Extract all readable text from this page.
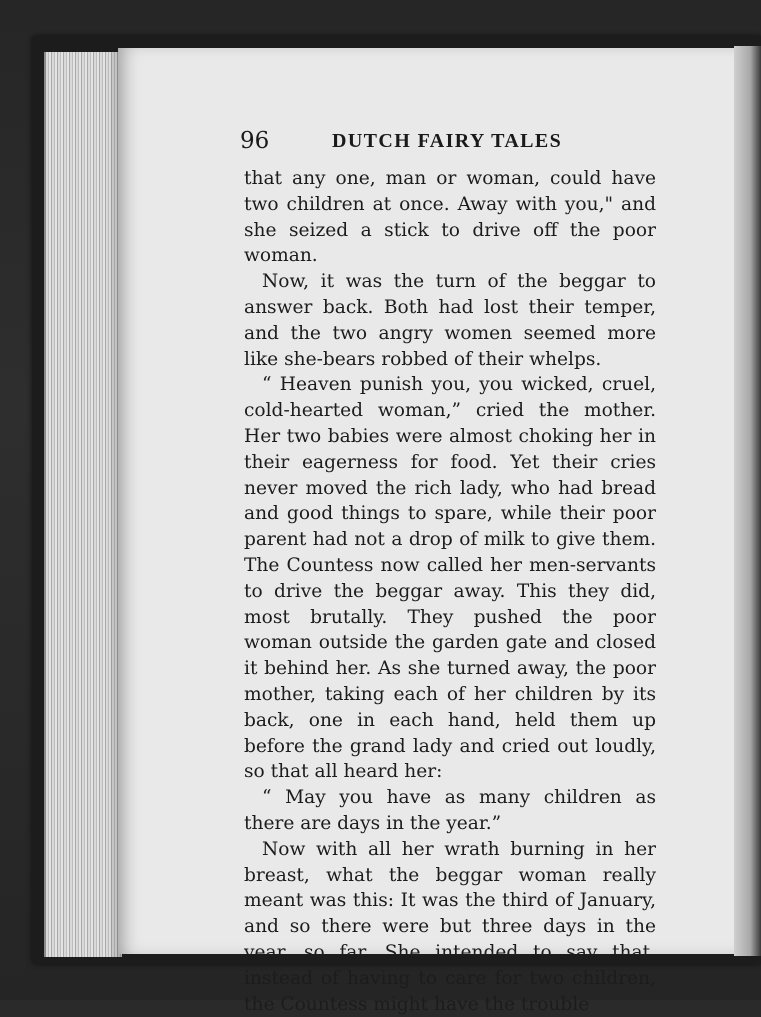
96	DUTCH FAIRY TALES

that any one, man or woman, could have two children at once. Away with you," and she seized a stick to drive off the poor woman.

Now, it was the turn of the beggar to answer back. Both had lost their temper, and the two angry women seemed more like she-bears robbed of their whelps.

“ Heaven punish you, you wicked, cruel, cold-hearted woman,” cried the mother. Her two babies were almost choking her in their eagerness for food. Yet their cries never moved the rich lady, who had bread and good things to spare, while their poor parent had not a drop of milk to give them. The Countess now called her men-servants to drive the beggar away. This they did, most brutally. They pushed the poor woman outside the garden gate and closed it behind her. As she turned away, the poor mother, taking each of her children by its back, one in each hand, held them up before the grand lady and cried out loudly, so that all heard her:

“ May you have as many children as there are days in the year.”

Now with all her wrath burning in her breast, what the beggar woman really meant was this: It was the third of January, and so there were but three days in the year, so far. She intended to say that, instead of having to care for two children, the Countess might have the trouble
